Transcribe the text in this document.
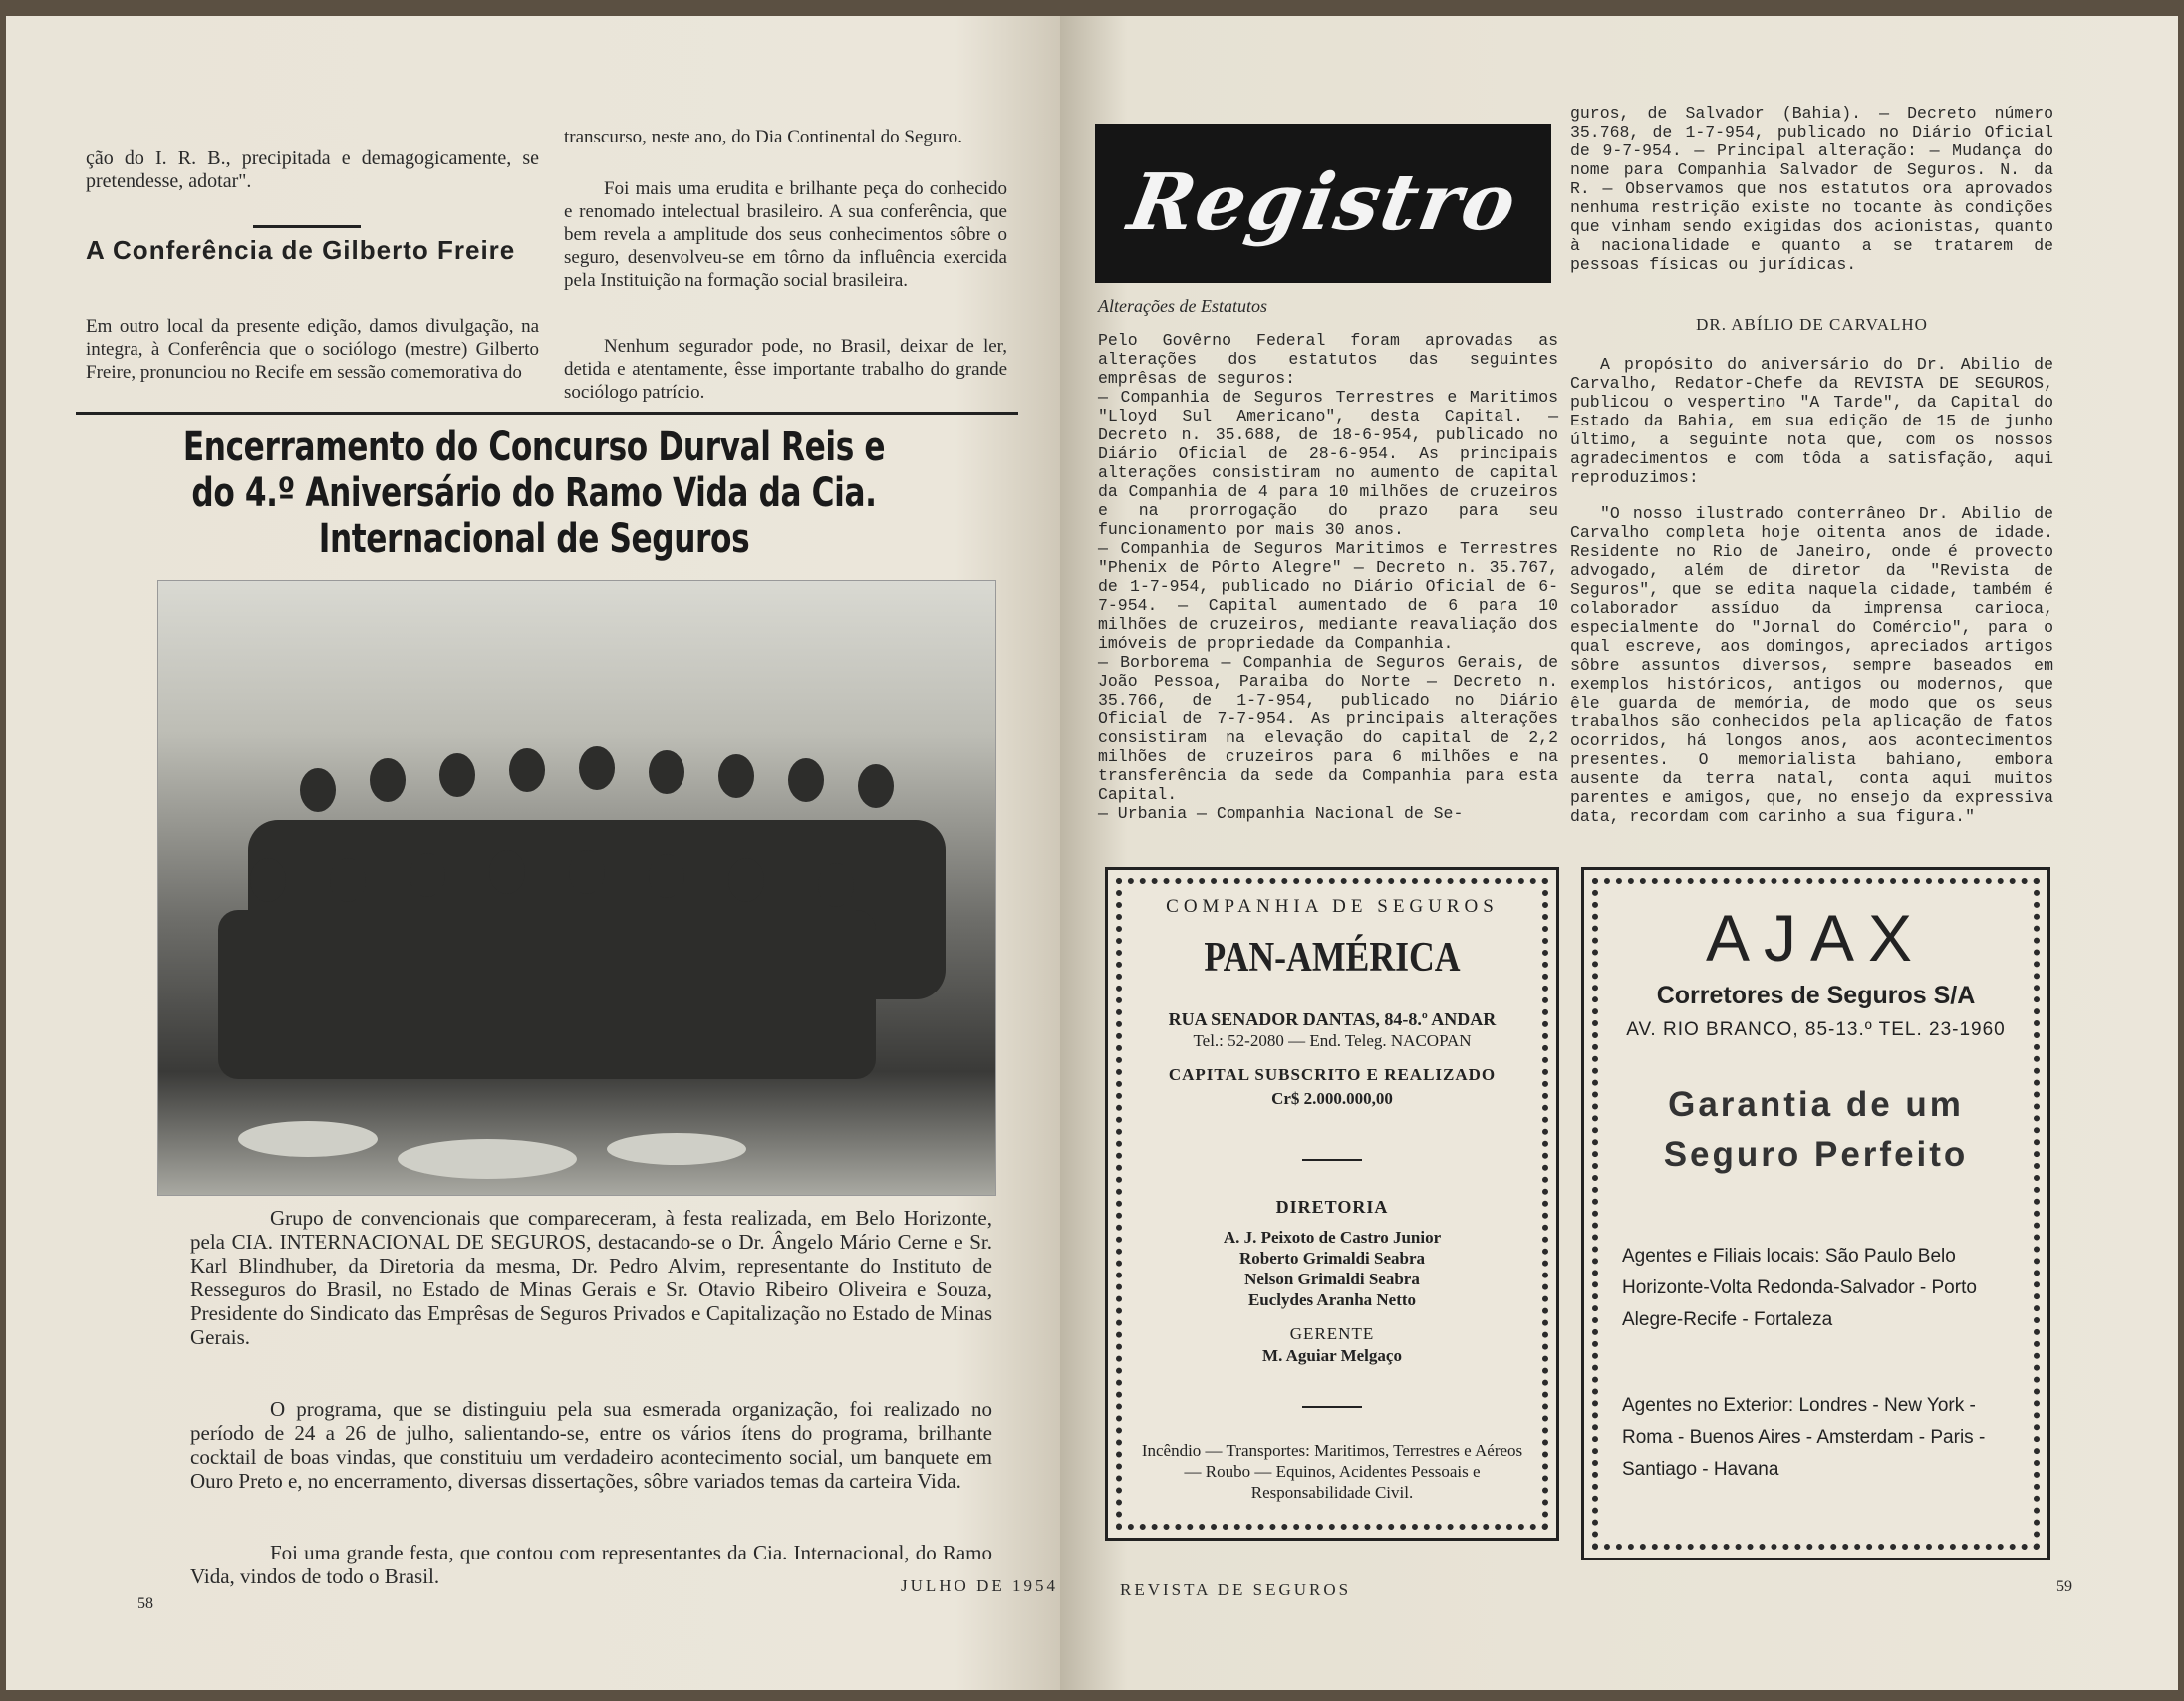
ção do I. R. B., precipitada e demagogicamente, se pretendesse, adotar".

A Conferência de Gilberto Freire

Em outro local da presente edição, damos divulgação, na integra, à Conferência que o sociólogo (mestre) Gilberto Freire, pronunciou no Recife em sessão comemorativa do

transcurso, neste ano, do Dia Continental do Seguro.

Foi mais uma erudita e brilhante peça do conhecido e renomado intelectual brasileiro. A sua conferência, que bem revela a amplitude dos seus conhecimentos sôbre o seguro, desenvolveu-se em tôrno da influência exercida pela Instituição na formação social brasileira.

Nenhum segurador pode, no Brasil, deixar de ler, detida e atentamente, êsse importante trabalho do grande sociólogo patrício.

Encerramento do Concurso Durval Reis e
do 4.º Aniversário do Ramo Vida da Cia.
Internacional de Seguros

Grupo de convencionais que compareceram, à festa realizada, em Belo Horizonte, pela CIA. INTERNACIONAL DE SEGUROS, destacando-se o Dr. Ângelo Mário Cerne e Sr. Karl Blindhuber, da Diretoria da mesma, Dr. Pedro Alvim, representante do Instituto de Resseguros do Brasil, no Estado de Minas Gerais e Sr. Otavio Ribeiro Oliveira e Souza, Presidente do Sindicato das Emprêsas de Seguros Privados e Capitalização no Estado de Minas Gerais.

O programa, que se distinguiu pela sua esmerada organização, foi realizado no período de 24 a 26 de julho, salientando-se, entre os vários ítens do programa, brilhante cocktail de boas vindas, que constituiu um verdadeiro acontecimento social, um banquete em Ouro Preto e, no encerramento, diversas dissertações, sôbre variados temas da carteira Vida.

Foi uma grande festa, que contou com representantes da Cia. Internacional, do Ramo Vida, vindos de todo o Brasil.

58
JULHO DE 1954
Registro
Alterações de Estatutos

Pelo Govêrno Federal foram aprovadas as alterações dos estatutos das seguintes emprêsas de seguros:
— Companhia de Seguros Terrestres e Maritimos "Lloyd Sul Americano", desta Capital. — Decreto n. 35.688, de 18-6-954, publicado no Diário Oficial de 28-6-954. As principais alterações consistiram no aumento de capital da Companhia de 4 para 10 milhões de cruzeiros e na prorrogação do prazo para seu funcionamento por mais 30 anos.
— Companhia de Seguros Maritimos e Terrestres "Phenix de Pôrto Alegre" — Decreto n. 35.767, de 1-7-954, publicado no Diário Oficial de 6-7-954. — Capital aumentado de 6 para 10 milhões de cruzeiros, mediante reavaliação dos imóveis de propriedade da Companhia.
— Borborema — Companhia de Seguros Gerais, de João Pessoa, Paraiba do Norte — Decreto n. 35.766, de 1-7-954, publicado no Diário Oficial de 7-7-954. As principais alterações consistiram na elevação do capital de 2,2 milhões de cruzeiros para 6 milhões e na transferência da sede da Companhia para esta Capital.
— Urbania — Companhia Nacional de Se-

guros, de Salvador (Bahia). — Decreto número 35.768, de 1-7-954, publicado no Diário Oficial de 9-7-954. — Principal alteração: — Mudança do nome para Companhia Salvador de Seguros. N. da R. — Observamos que nos estatutos ora aprovados nenhuma restrição existe no tocante às condições que vinham sendo exigidas dos acionistas, quanto à nacionalidade e quanto a se tratarem de pessoas físicas ou jurídicas.

DR. ABÍLIO DE CARVALHO

A propósito do aniversário do Dr. Abilio de Carvalho, Redator-Chefe da REVISTA DE SEGUROS, publicou o vespertino "A Tarde", da Capital do Estado da Bahia, em sua edição de 15 de junho último, a seguinte nota que, com os nossos agradecimentos e com tôda a satisfação, aqui reproduzimos:

"O nosso ilustrado conterrâneo Dr. Abilio de Carvalho completa hoje oitenta anos de idade. Residente no Rio de Janeiro, onde é provecto advogado, além de diretor da "Revista de Seguros", que se edita naquela cidade, também é colaborador assíduo da imprensa carioca, especialmente do "Jornal do Comércio", para o qual escreve, aos domingos, apreciados artigos sôbre assuntos diversos, sempre baseados em exemplos históricos, antigos ou modernos, que êle guarda de memória, de modo que os seus trabalhos são conhecidos pela aplicação de fatos ocorridos, há longos anos, aos acontecimentos presentes. O memorialista bahiano, embora ausente da terra natal, conta aqui muitos parentes e amigos, que, no ensejo da expressiva data, recordam com carinho a sua figura."

COMPANHIA DE SEGUROS
PAN-AMÉRICA
RUA SENADOR DANTAS, 84-8.º ANDAR
Tel.: 52-2080 — End. Teleg. NACOPAN
CAPITAL SUBSCRITO E REALIZADO
Cr$ 2.000.000,00
DIRETORIA
A. J. Peixoto de Castro Junior
Roberto Grimaldi Seabra
Nelson Grimaldi Seabra
Euclydes Aranha Netto
GERENTE
M. Aguiar Melgaço
Incêndio — Transportes: Maritimos, Terrestres e Aéreos — Roubo — Equinos, Acidentes Pessoais e Responsabilidade Civil.
AJAX
Corretores de Seguros S/A
AV. RIO BRANCO, 85-13.º TEL. 23-1960
Garantia de um
Seguro Perfeito
Agentes e Filiais locais: São Paulo Belo Horizonte-Volta Redonda-Salvador - Porto Alegre-Recife - Fortaleza
Agentes no Exterior: Londres - New York - Roma - Buenos Aires - Amsterdam - Paris - Santiago - Havana
REVISTA DE SEGUROS	59
